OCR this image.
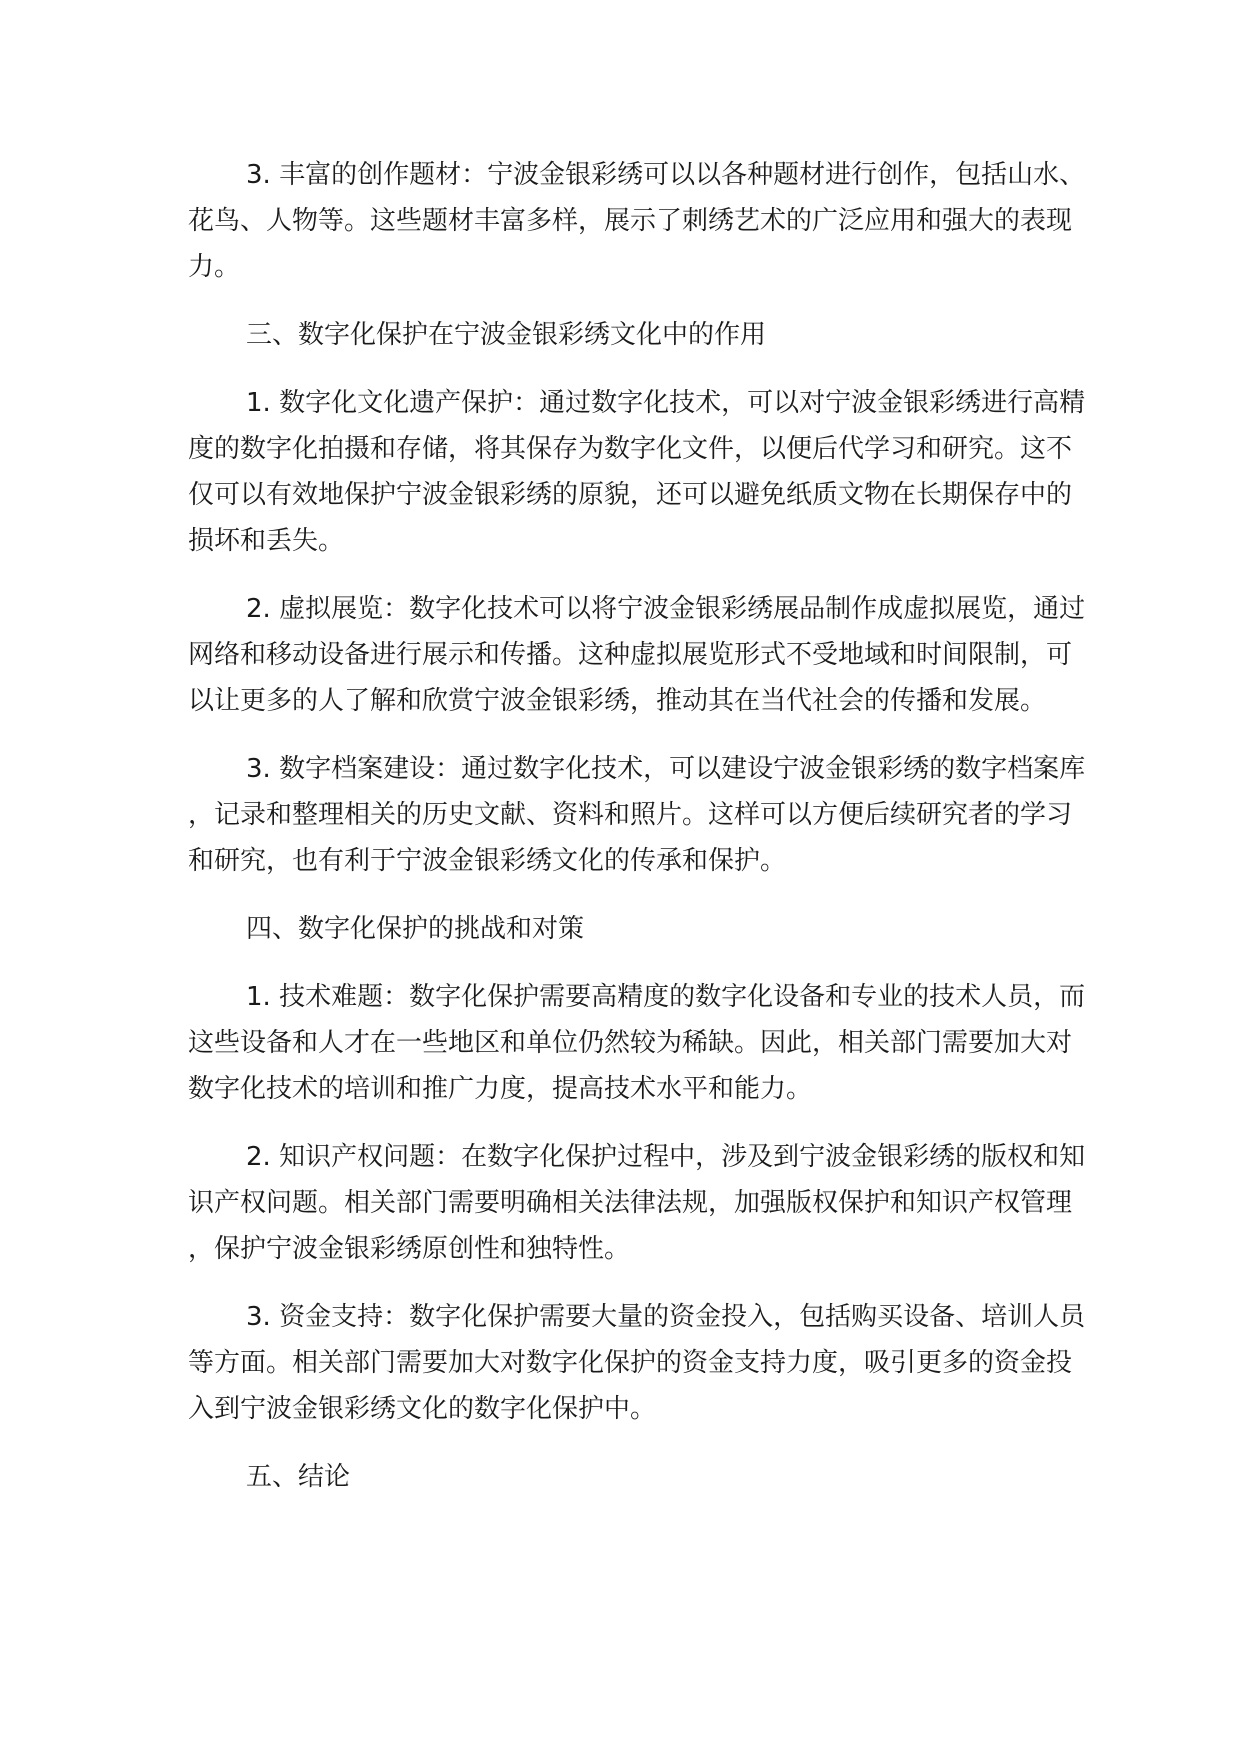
3. 丰富的创作题材：宁波金银彩绣可以以各种题材进行创作，包括山水、花鸟、人物等。这些题材丰富多样，展示了刺绣艺术的广泛应用和强大的表现力。

三、数字化保护在宁波金银彩绣文化中的作用

1. 数字化文化遗产保护：通过数字化技术，可以对宁波金银彩绣进行高精度的数字化拍摄和存储，将其保存为数字化文件，以便后代学习和研究。这不仅可以有效地保护宁波金银彩绣的原貌，还可以避免纸质文物在长期保存中的损坏和丢失。

2. 虚拟展览：数字化技术可以将宁波金银彩绣展品制作成虚拟展览，通过网络和移动设备进行展示和传播。这种虚拟展览形式不受地域和时间限制，可以让更多的人了解和欣赏宁波金银彩绣，推动其在当代社会的传播和发展。

3. 数字档案建设：通过数字化技术，可以建设宁波金银彩绣的数字档案库，记录和整理相关的历史文献、资料和照片。这样可以方便后续研究者的学习和研究，也有利于宁波金银彩绣文化的传承和保护。

四、数字化保护的挑战和对策

1. 技术难题：数字化保护需要高精度的数字化设备和专业的技术人员，而这些设备和人才在一些地区和单位仍然较为稀缺。因此，相关部门需要加大对数字化技术的培训和推广力度，提高技术水平和能力。

2. 知识产权问题：在数字化保护过程中，涉及到宁波金银彩绣的版权和知识产权问题。相关部门需要明确相关法律法规，加强版权保护和知识产权管理，保护宁波金银彩绣原创性和独特性。

3. 资金支持：数字化保护需要大量的资金投入，包括购买设备、培训人员等方面。相关部门需要加大对数字化保护的资金支持力度，吸引更多的资金投入到宁波金银彩绣文化的数字化保护中。

五、结论
